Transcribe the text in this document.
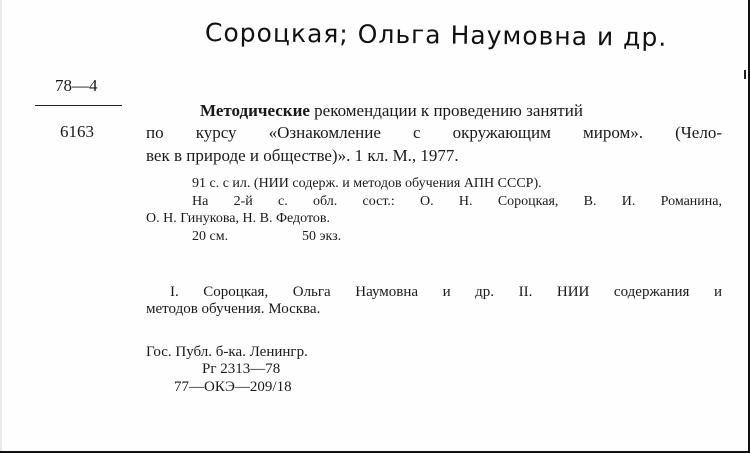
Сороцкая; Ольга Наумовна и др.
78—4
6163
Методические рекомендации к проведению занятий
по курсу «Ознакомление с окружающим миром». (Чело-
век в природе и обществе)». 1 кл. М., 1977.
91 с. с ил. (НИИ содерж. и методов обучения АПН СССР).
На 2-й с. обл. сост.: О. Н. Сороцкая, В. И. Романина,
О. Н. Гинукова, Н. В. Федотов.
20 см.	50 экз.
I. Сороцкая, Ольга Наумовна и др. II. НИИ содержания и
методов обучения. Москва.
Гос. Публ. б-ка. Ленингр.
Рг 2313—78
77—ОКЭ—209/18
